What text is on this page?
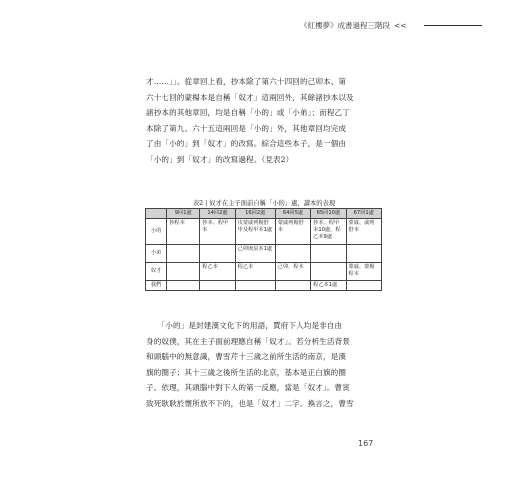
《紅樓夢》成書過程三階段 <<
才……」」。從章回上看，抄本除了第六十四回的己卯本、第
六十七回的蒙楊本是自稱「奴才」這兩回外，其餘諸抄本以及
諸抄本的其他章回，均是自稱「小的」或「小弟」；而程乙丁
本除了第九、六十五這兩回是「小的」外，其他章回均完成
了由「小的」到「奴才」的改寫。綜合這些本子，是一個由
「小的」到「奴才」的改寫過程。（見表2）
表2 | 奴才在主子面前自稱「小的」處，讀本的表現
	9回1處	14回2處	16回2處	64回5處	65回10處	67回1處
小的	抄程本	抄本、程甲本	戌蒙戚列楊舒甲及程甲本1處	蒙戚列楊舒本	抄本、程甲本10處，程乙本9處	蒙戚、戚列舒本
小弟			己卯庚辰本1處			
奴才		程乙本	程乙本	己卯、程本		蒙戚、蒙楊程本
我們					程乙本1處	
　　「小的」是封建漢文化下的用語，賈府下人均是非自由
身的奴僕，其在主子面前理應自稱「奴才」。若分析生活背景
和頭腦中的無意識，曹雪芹十三歲之前所生活的南京，是漢
旗的圈子；其十三歲之後所生活的北京，基本是正白旗的圈
子。依理，其頭腦中對下人的第一反應，當是「奴才」。曹寅
致死耿耿於懷所放不下的，也是「奴才」二字。換言之，曹雪
167
